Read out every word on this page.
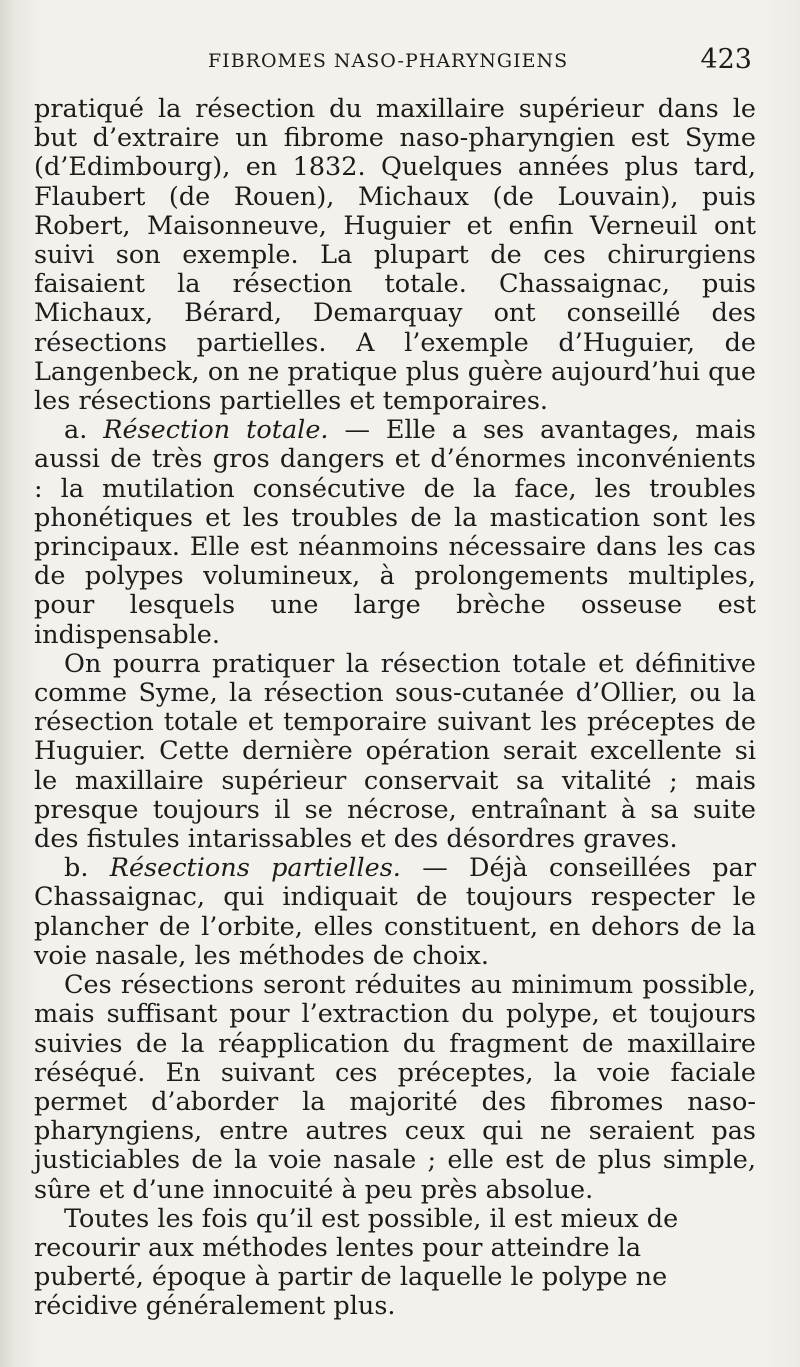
FIBROMES NASO-PHARYNGIENS	423

pratiqué la résection du maxillaire supérieur dans le but d’extraire un fibrome naso-pharyngien est Syme (d’Edimbourg), en 1832. Quelques années plus tard, Flaubert (de Rouen), Michaux (de Louvain), puis Robert, Maisonneuve, Huguier et enfin Verneuil ont suivi son exemple. La plupart de ces chirurgiens faisaient la résection totale. Chassaignac, puis Michaux, Bérard, Demarquay ont conseillé des résections partielles. A l’exemple d’Huguier, de Langenbeck, on ne pratique plus guère aujourd’hui que les résections partielles et temporaires.

a. Résection totale. — Elle a ses avantages, mais aussi de très gros dangers et d’énormes inconvénients : la mutilation consécutive de la face, les troubles phonétiques et les troubles de la mastication sont les principaux. Elle est néanmoins nécessaire dans les cas de polypes volumineux, à prolongements multiples, pour lesquels une large brèche osseuse est indispensable.

On pourra pratiquer la résection totale et définitive comme Syme, la résection sous-cutanée d’Ollier, ou la résection totale et temporaire suivant les préceptes de Huguier. Cette dernière opération serait excellente si le maxillaire supérieur conservait sa vitalité ; mais presque toujours il se nécrose, entraînant à sa suite des fistules intarissables et des désordres graves.

b. Résections partielles. — Déjà conseillées par Chassaignac, qui indiquait de toujours respecter le plancher de l’orbite, elles constituent, en dehors de la voie nasale, les méthodes de choix.

Ces résections seront réduites au minimum possible, mais suffisant pour l’extraction du polype, et toujours suivies de la réapplication du fragment de maxillaire réséqué. En suivant ces préceptes, la voie faciale permet d’aborder la majorité des fibromes naso-pharyngiens, entre autres ceux qui ne seraient pas justiciables de la voie nasale ; elle est de plus simple, sûre et d’une innocuité à peu près absolue.

Toutes les fois qu’il est possible, il est mieux de recourir aux méthodes lentes pour atteindre la puberté, époque à partir de laquelle le polype ne récidive généralement plus.
